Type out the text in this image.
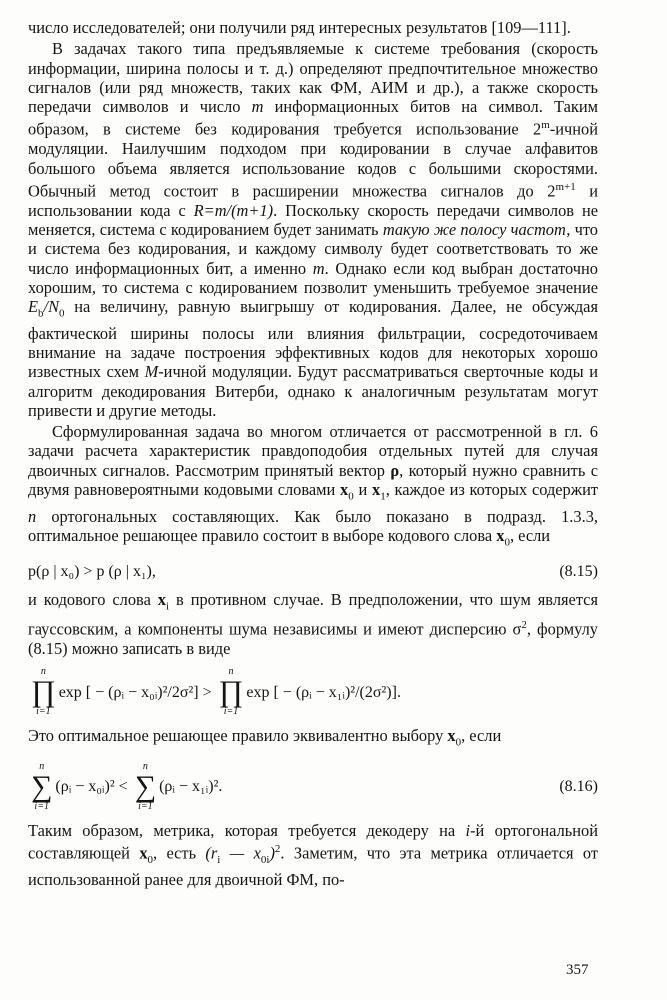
число исследователей; они получили ряд интересных результатов [109—111].

В задачах такого типа предъявляемые к системе требования (скорость информации, ширина полосы и т. д.) определяют предпочтительное множество сигналов (или ряд множеств, таких как ФМ, АИМ и др.), а также скорость передачи символов и число m информационных битов на символ. Таким образом, в системе без кодирования требуется использование 2$^m$-ичной модуляции. Наилучшим подходом при кодировании в случае алфавитов большого объема является использование кодов с большими скоростями. Обычный метод состоит в расширении множества сигналов до $2^{m+1}$ и использовании кода с R=m/(m+1). Поскольку скорость передачи символов не меняется, система с кодированием будет занимать такую же полосу частот, что и система без кодирования, и каждому символу будет соответствовать то же число информационных бит, а именно m. Однако если код выбран достаточно хорошим, то система с кодированием позволит уменьшить требуемое значение $E_b/N_0$ на величину, равную выигрышу от кодирования. Далее, не обсуждая фактической ширины полосы или влияния фильтрации, сосредоточиваем внимание на задаче построения эффективных кодов для некоторых хорошо известных схем M-ичной модуляции. Будут рассматриваться сверточные коды и алгоритм декодирования Витерби, однако к аналогичным результатам могут привести и другие методы.

Сформулированная задача во многом отличается от рассмотренной в гл. 6 задачи расчета характеристик правдоподобия отдельных путей для случая двоичных сигналов. Рассмотрим принятый вектор ρ, который нужно сравнить с двумя равновероятными кодовыми словами $x_0$ и $x_1$, каждое из которых содержит n ортогональных составляющих. Как было показано в подразд. 1.3.3, оптимальное решающее правило состоит в выборе кодового слова $x_0$, если

p(ρ | x₀) > p (ρ | x₁),	(8.15)

и кодового слова $x_i$ в противном случае. В предположении, что шум является гауссовским, а компоненты шума независимы и имеют дисперсию $\sigma^2$, формулу (8.15) можно записать в виде

n
∏
i=1
exp [ − (ρᵢ − x₀ᵢ)²/2σ²] >
n
∏
i=1
exp [ − (ρᵢ − x₁ᵢ)²/(2σ²)].

Это оптимальное решающее правило эквивалентно выбору $x_0$, если

n
∑
i=1
(ρᵢ − x₀ᵢ)² <
n
∑
i=1
(ρᵢ − x₁ᵢ)².	(8.16)

Таким образом, метрика, которая требуется декодеру на i-й ортогональной составляющей $x_0$, есть ($r_i$ — $x_{0i})^2$. Заметим, что эта метрика отличается от использованной ранее для двоичной ФМ, по-

357
